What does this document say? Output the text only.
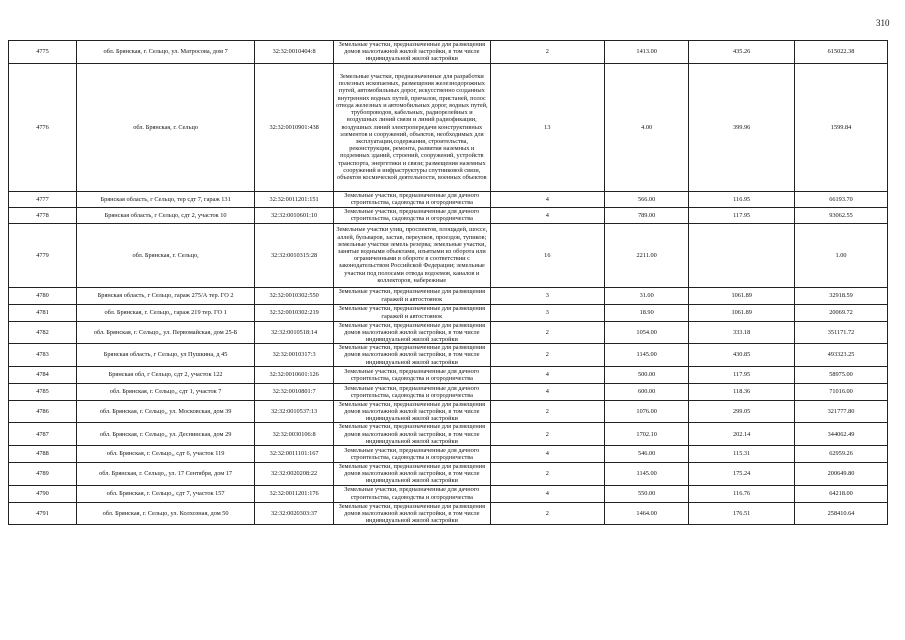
310
4775	обл. Брянская, г. Сельцо, ул. Матросова, дом 7	32:32:0010404:8	Земельные участки, предназначенные для размещения домов малоэтажной жилой застройки, в том числе индивидуальной жилой застройки	2	1413.00	435.26	615022.38
4776	обл. Брянская, г. Сельцо	32:32:0010901:438	Земельные участки, предназначенные для разработки полезных ископаемых, размещения железнодорожных путей, автомобильных дорог, искусственно созданных внутренних водных путей, причалов, пристаней, полос отвода железных и автомобильных дорог, водных путей, трубопроводов, кабельных, радиорелейных и воздушных линий связи и линий радиофикации, воздушных линий электропередачи конструктивных элементов и сооружений, объектов, необходимых для эксплуатации,содержания, строительства, реконструкции, ремонта, развития наземных и подземных зданий, строений, сооружений, устройств транспорта, энергетики и связи; размещения наземных сооружений и инфраструктуры спутниковой связи, объектов космической деятельности, военных объектов	13	4.00	399.96	1599.84
4777	Брянская область, г Сельцо, тер сдт 7, гараж 131	32:32:0011201:151	Земельные участки, предназначенные для дачного строительства, садоводства и огородничества	4	566.00	116.95	66193.70
4778	Брянская область, г Сельцо, сдт 2, участок 10	32:32:0010601:10	Земельные участки, предназначенные для дачного строительства, садоводства и огородничества	4	789.00	117.95	93062.55
4779	обл. Брянская, г. Сельцо,	32:32:0010315:28	Земельные участки улиц, проспектов, площадей, шоссе, аллей, бульваров, застав, переулков, проездов, тупиков; земельные участки земель резерва; земельные участки, занятые водными объектами, изъятыми из оборота или ограниченными в обороте в соответствии с законодательством Российской Федерации; земельные участки под полосами отвода водоемов, каналов и коллекторов, набережные	16	2211.00		1.00
4780	Брянская область, г Сельцо, гараж 275/А тер. ГО 2	32:32:0010302:550	Земельные участки, предназначенные для размещения гаражей и автостоянок	3	31.00	1061.89	32918.59
4781	обл. Брянская, г. Сельцо,, гараж 219 тер. ГО 1	32:32:0010302:219	Земельные участки, предназначенные для размещения гаражей и автостоянок	3	18.90	1061.89	20069.72
4782	обл. Брянская, г. Сельцо,, ул. Первомайская, дом 25-Б	32:32:0010518:14	Земельные участки, предназначенные для размещения домов малоэтажной жилой застройки, в том числе индивидуальной жилой застройки	2	1054.00	333.18	351171.72
4783	Брянская область, г Сельцо, ул Пушкина, д 45	32:32:0010317:3	Земельные участки, предназначенные для размещения домов малоэтажной жилой застройки, в том числе индивидуальной жилой застройки	2	1145.00	430.85	493323.25
4784	Брянская обл, г Сельцо, сдт 2, участок 122	32:32:0010601:126	Земельные участки, предназначенные для дачного строительства, садоводства и огородничества	4	500.00	117.95	58975.00
4785	обл. Брянская, г. Сельцо,, сдт 1, участок 7	32:32:0010801:7	Земельные участки, предназначенные для дачного строительства, садоводства и огородничества	4	600.00	118.36	71016.00
4786	обл. Брянская, г. Сельцо,, ул. Московская, дом 39	32:32:0010537:13	Земельные участки, предназначенные для размещения домов малоэтажной жилой застройки, в том числе индивидуальной жилой застройки	2	1076.00	299.05	321777.80
4787	обл. Брянская, г. Сельцо,, ул. Деснинская, дом 29	32:32:0030106:8	Земельные участки, предназначенные для размещения домов малоэтажной жилой застройки, в том числе индивидуальной жилой застройки	2	1702.10	202.14	344062.49
4788	обл. Брянская, г. Сельцо,, сдт 6, участок 119	32:32:0011101:167	Земельные участки, предназначенные для дачного строительства, садоводства и огородничества	4	546.00	115.31	62959.26
4789	обл. Брянская, г. Сельцо,, ул. 17 Сентября, дом 17	32:32:0020208:22	Земельные участки, предназначенные для размещения домов малоэтажной жилой застройки, в том числе индивидуальной жилой застройки	2	1145.00	175.24	200649.80
4790	обл. Брянская, г. Сельцо,, сдт 7, участок 157	32:32:0011201:176	Земельные участки, предназначенные для дачного строительства, садоводства и огородничества	4	550.00	116.76	64218.00
4791	обл. Брянская, г. Сельцо, ул. Колхозная, дом 50	32:32:0020303:37	Земельные участки, предназначенные для размещения домов малоэтажной жилой застройки, в том числе индивидуальной жилой застройки	2	1464.00	176.51	258410.64
